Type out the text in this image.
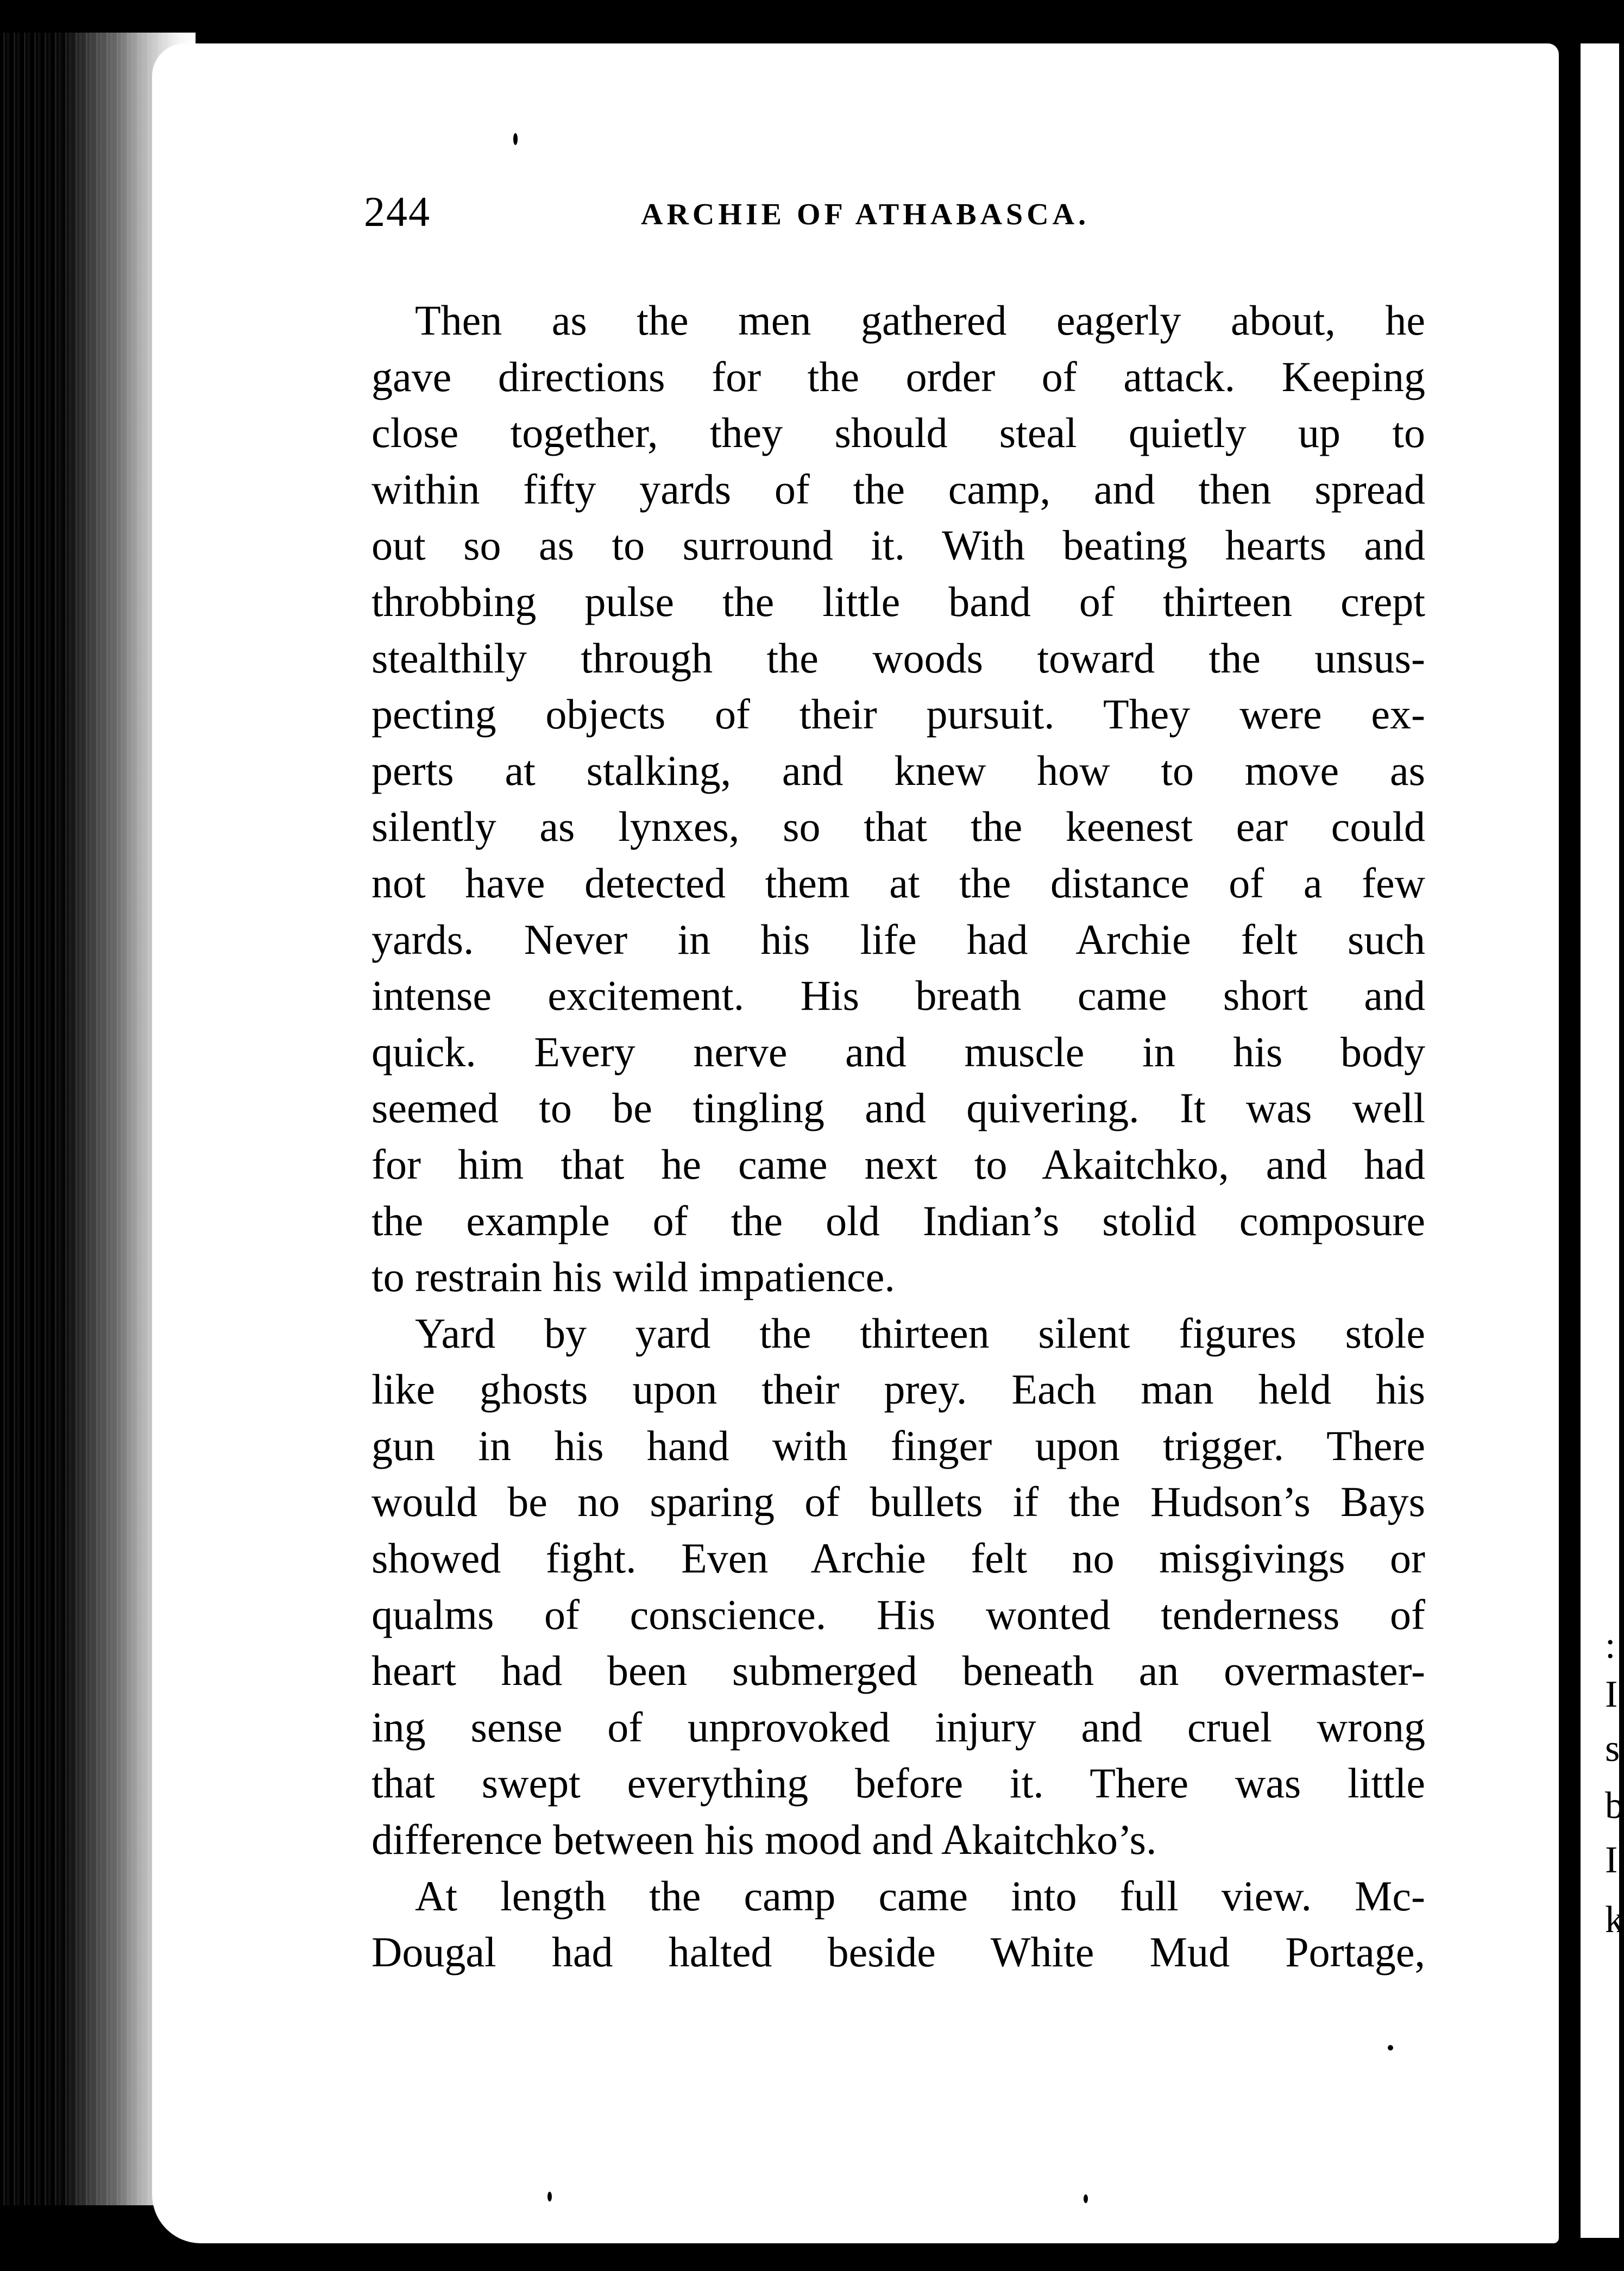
:
I
s
b
I
k
244	ARCHIE OF ATHABASCA.
Then as the men gathered eagerly about, he
gave directions for the order of attack. Keeping
close together, they should steal quietly up to
within fifty yards of the camp, and then spread
out so as to surround it. With beating hearts and
throbbing pulse the little band of thirteen crept
stealthily through the woods toward the unsus-
pecting objects of their pursuit. They were ex-
perts at stalking, and knew how to move as
silently as lynxes, so that the keenest ear could
not have detected them at the distance of a few
yards. Never in his life had Archie felt such
intense excitement. His breath came short and
quick. Every nerve and muscle in his body
seemed to be tingling and quivering. It was well
for him that he came next to Akaitchko, and had
the example of the old Indian’s stolid composure
to restrain his wild impatience.
Yard by yard the thirteen silent figures stole
like ghosts upon their prey. Each man held his
gun in his hand with finger upon trigger. There
would be no sparing of bullets if the Hudson’s Bays
showed fight. Even Archie felt no misgivings or
qualms of conscience. His wonted tenderness of
heart had been submerged beneath an overmaster-
ing sense of unprovoked injury and cruel wrong
that swept everything before it. There was little
difference between his mood and Akaitchko’s.
At length the camp came into full view. Mc-
Dougal had halted beside White Mud Portage,
